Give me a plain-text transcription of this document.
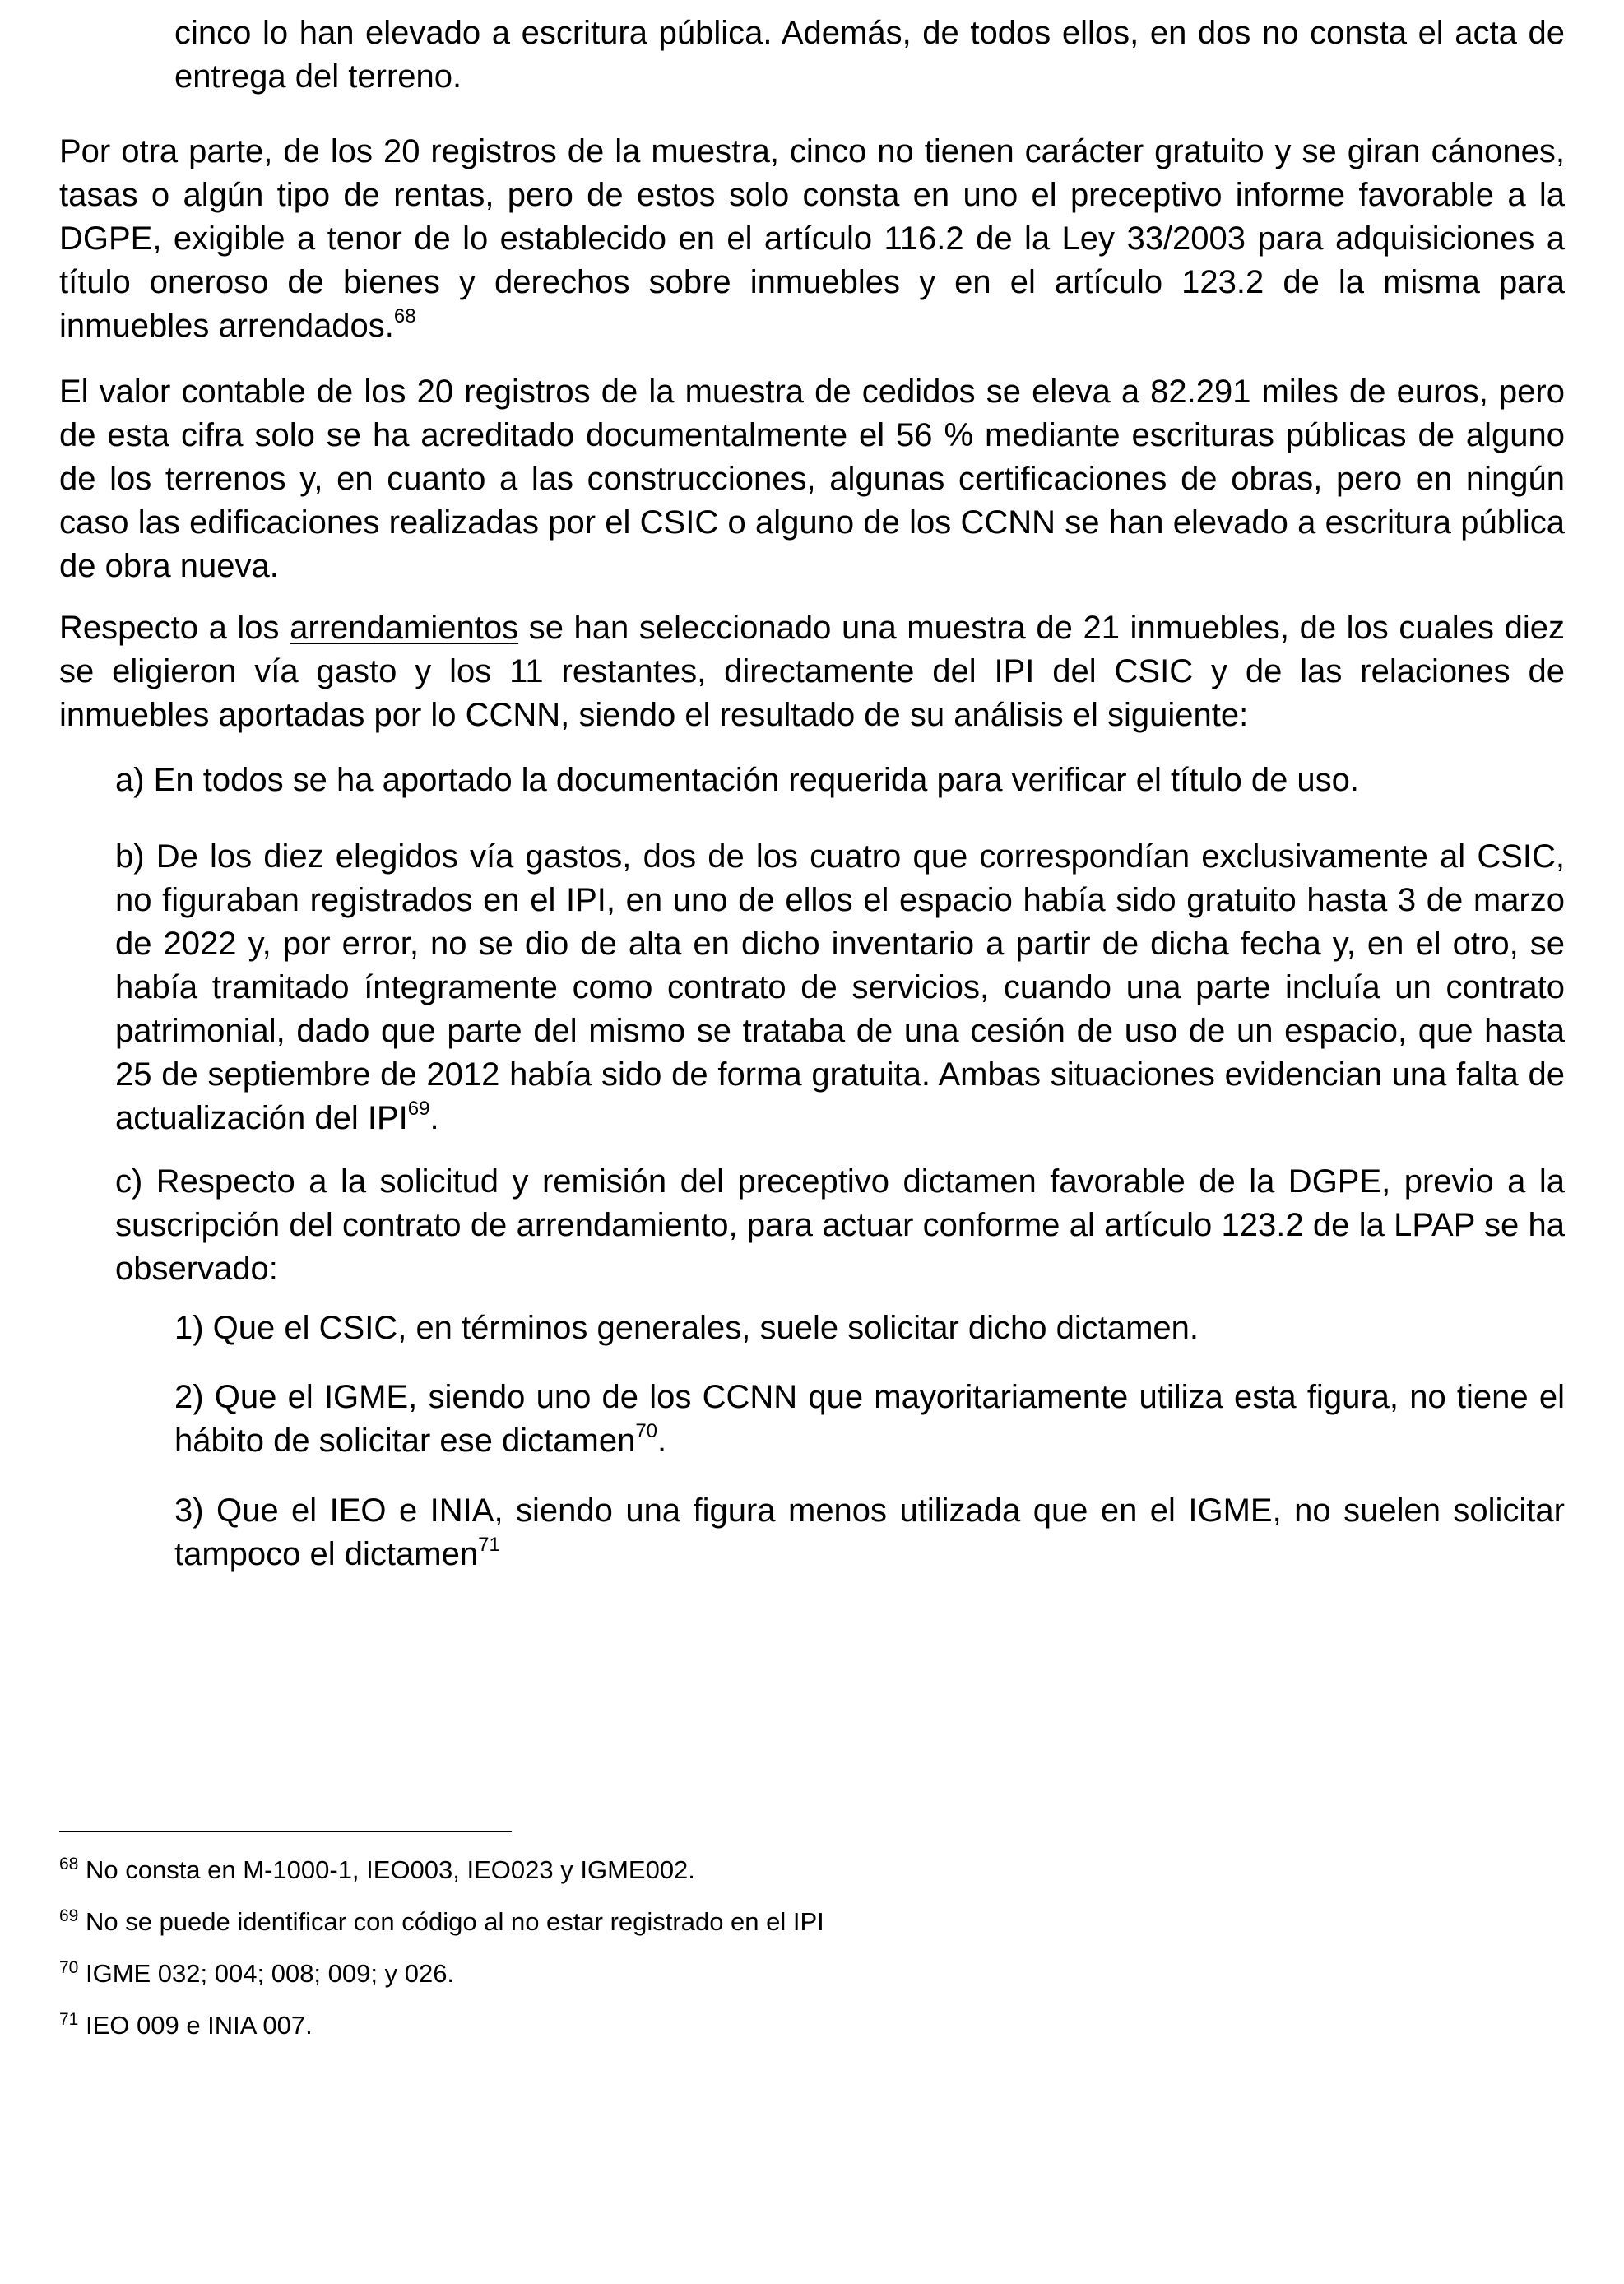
cinco lo han elevado a escritura pública. Además, de todos ellos, en dos no consta el acta de entrega del terreno.

Por otra parte, de los 20 registros de la muestra, cinco no tienen carácter gratuito y se giran cánones, tasas o algún tipo de rentas, pero de estos solo consta en uno el preceptivo informe favorable a la DGPE, exigible a tenor de lo establecido en el artículo 116.2 de la Ley 33/2003 para adquisiciones a título oneroso de bienes y derechos sobre inmuebles y en el artículo 123.2 de la misma para inmuebles arrendados.$^{68}$

El valor contable de los 20 registros de la muestra de cedidos se eleva a 82.291 miles de euros, pero de esta cifra solo se ha acreditado documentalmente el 56 % mediante escrituras públicas de alguno de los terrenos y, en cuanto a las construcciones, algunas certificaciones de obras, pero en ningún caso las edificaciones realizadas por el CSIC o alguno de los CCNN se han elevado a escritura pública de obra nueva.

Respecto a los arrendamientos se han seleccionado una muestra de 21 inmuebles, de los cuales diez se eligieron vía gasto y los 11 restantes, directamente del IPI del CSIC y de las relaciones de inmuebles aportadas por lo CCNN, siendo el resultado de su análisis el siguiente:

a) En todos se ha aportado la documentación requerida para verificar el título de uso.

b) De los diez elegidos vía gastos, dos de los cuatro que correspondían exclusivamente al CSIC, no figuraban registrados en el IPI, en uno de ellos el espacio había sido gratuito hasta 3 de marzo de 2022 y, por error, no se dio de alta en dicho inventario a partir de dicha fecha y, en el otro, se había tramitado íntegramente como contrato de servicios, cuando una parte incluía un contrato patrimonial, dado que parte del mismo se trataba de una cesión de uso de un espacio, que hasta 25 de septiembre de 2012 había sido de forma gratuita. Ambas situaciones evidencian una falta de actualización del IPI$^{69}$.

c) Respecto a la solicitud y remisión del preceptivo dictamen favorable de la DGPE, previo a la suscripción del contrato de arrendamiento, para actuar conforme al artículo 123.2 de la LPAP se ha observado:

1) Que el CSIC, en términos generales, suele solicitar dicho dictamen.

2) Que el IGME, siendo uno de los CCNN que mayoritariamente utiliza esta figura, no tiene el hábito de solicitar ese dictamen$^{70}$.

3) Que el IEO e INIA, siendo una figura menos utilizada que en el IGME, no suelen solicitar tampoco el dictamen$^{71}$

$^{68}$ No consta en M-1000-1, IEO003, IEO023 y IGME002.
$^{69}$ No se puede identificar con código al no estar registrado en el IPI
$^{70}$ IGME 032; 004; 008; 009; y 026.
$^{71}$ IEO 009 e INIA 007.
